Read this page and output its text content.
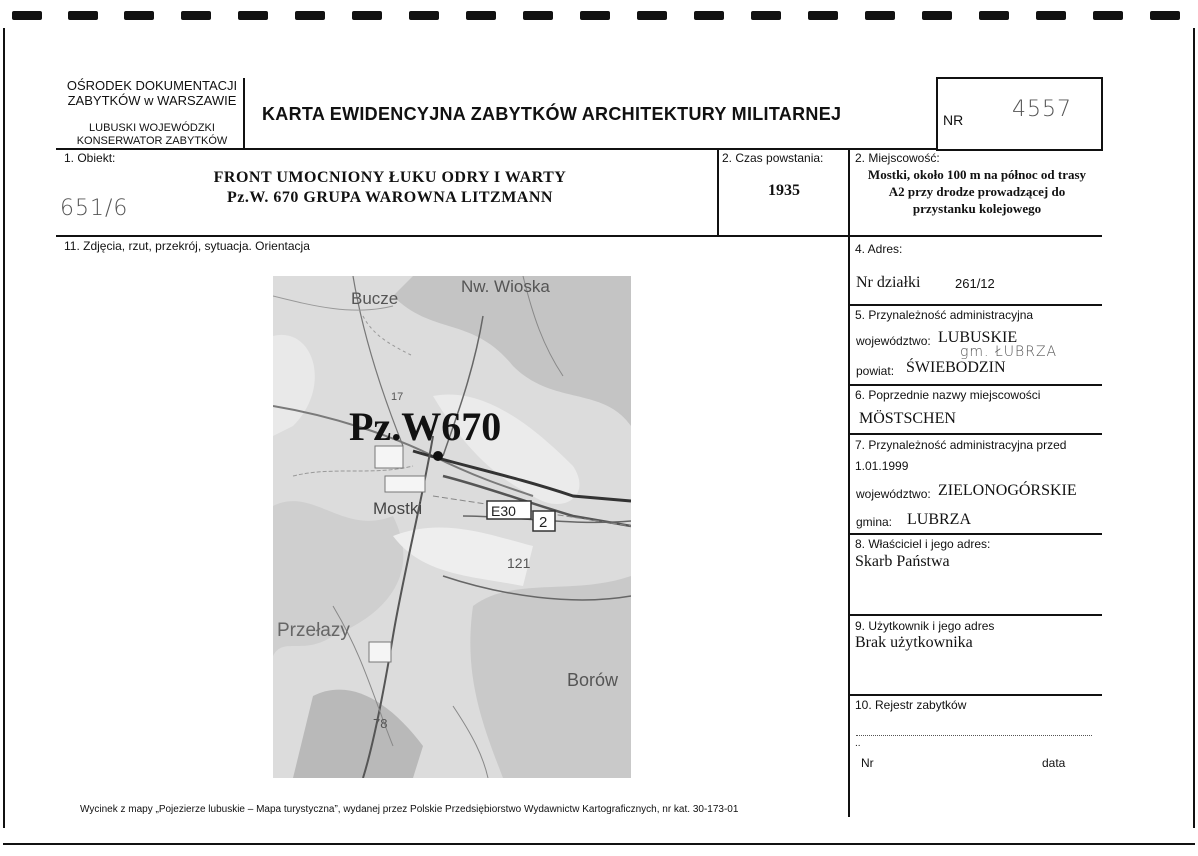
OŚRODEK DOKUMENTACJI
ZABYTKÓW w WARSZAWIE
LUBUSKI WOJEWÓDZKI
KONSERWATOR ZABYTKÓW
KARTA EWIDENCYJNA ZABYTKÓW ARCHITEKTURY MILITARNEJ	NR 4557
1. Obiekt:
FRONT UMOCNIONY ŁUKU ODRY I WARTY
Pz.W. 670 GRUPA WAROWNA LITZMANN
651/6
2. Czas powstania:
1935
2. Miejscowość:
Mostki, około 100 m na północ od trasy
A2 przy drodze prowadzącej do
przystanku kolejowego
11. Zdjęcia, rzut, przekrój, sytuacja. Orientacja
Bucze
Nw. Wioska
17
Pz.W670
Mostki	E30
2
121
Przełazy
Borów
78
Wycinek z mapy „Pojezierze lubuskie – Mapa turystyczna”, wydanej przez Polskie Przedsiębiorstwo Wydawnictw Kartograficznych, nr kat. 30-173-01
4. Adres:
Nr działki	261/12
5. Przynależność administracyjna
województwo: LUBUSKIE
gm. ŁUBRZA
powiat: ŚWIEBODZIN
6. Poprzednie nazwy miejscowości
MÖSTSCHEN
7. Przynależność administracyjna przed
1.01.1999
województwo: ZIELONOGÓRSKIE
gmina: LUBRZA
8. Właściciel i jego adres:
Skarb Państwa
9. Użytkownik i jego adres
Brak użytkownika
10. Rejestr zabytków
..
Nr	data
